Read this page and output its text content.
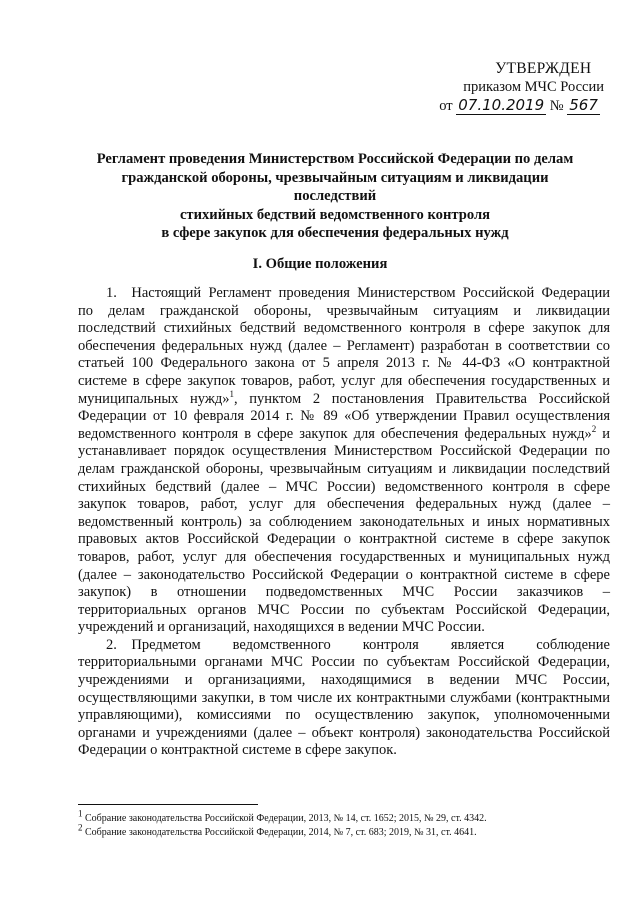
УТВЕРЖДЕН
приказом МЧС России
от 07.10.2019 № 567
Регламент проведения Министерством Российской Федерации по делам
гражданской обороны, чрезвычайным ситуациям и ликвидации последствий
стихийных бедствий ведомственного контроля
в сфере закупок для обеспечения федеральных нужд
I. Общие положения

1. Настоящий Регламент проведения Министерством Российской Федерации по делам гражданской обороны, чрезвычайным ситуациям и ликвидации последствий стихийных бедствий ведомственного контроля в сфере закупок для обеспечения федеральных нужд (далее – Регламент) разработан в соответствии со статьей 100 Федерального закона от 5 апреля 2013 г. № 44-ФЗ «О контрактной системе в сфере закупок товаров, работ, услуг для обеспечения государственных и муниципальных нужд»$^1$, пунктом 2 постановления Правительства Российской Федерации от 10 февраля 2014 г. № 89 «Об утверждении Правил осуществления ведомственного контроля в сфере закупок для обеспечения федеральных нужд»$^2$ и устанавливает порядок осуществления Министерством Российской Федерации по делам гражданской обороны, чрезвычайным ситуациям и ликвидации последствий стихийных бедствий (далее – МЧС России) ведомственного контроля в сфере закупок товаров, работ, услуг для обеспечения федеральных нужд (далее – ведомственный контроль) за соблюдением законодательных и иных нормативных правовых актов Российской Федерации о контрактной системе в сфере закупок товаров, работ, услуг для обеспечения государственных и муниципальных нужд (далее – законодательство Российской Федерации о контрактной системе в сфере закупок) в отношении подведомственных МЧС России заказчиков – территориальных органов МЧС России по субъектам Российской Федерации, учреждений и организаций, находящихся в ведении МЧС России.

2. Предметом ведомственного контроля является соблюдение территориальными органами МЧС России по субъектам Российской Федерации, учреждениями и организациями, находящимися в ведении МЧС России, осуществляющими закупки, в том числе их контрактными службами (контрактными управляющими), комиссиями по осуществлению закупок, уполномоченными органами и учреждениями (далее – объект контроля) законодательства Российской Федерации о контрактной системе в сфере закупок.

$^1$ Собрание законодательства Российской Федерации, 2013, № 14, ст. 1652; 2015, № 29, ст. 4342.
$^2$ Собрание законодательства Российской Федерации, 2014, № 7, ст. 683; 2019, № 31, ст. 4641.
